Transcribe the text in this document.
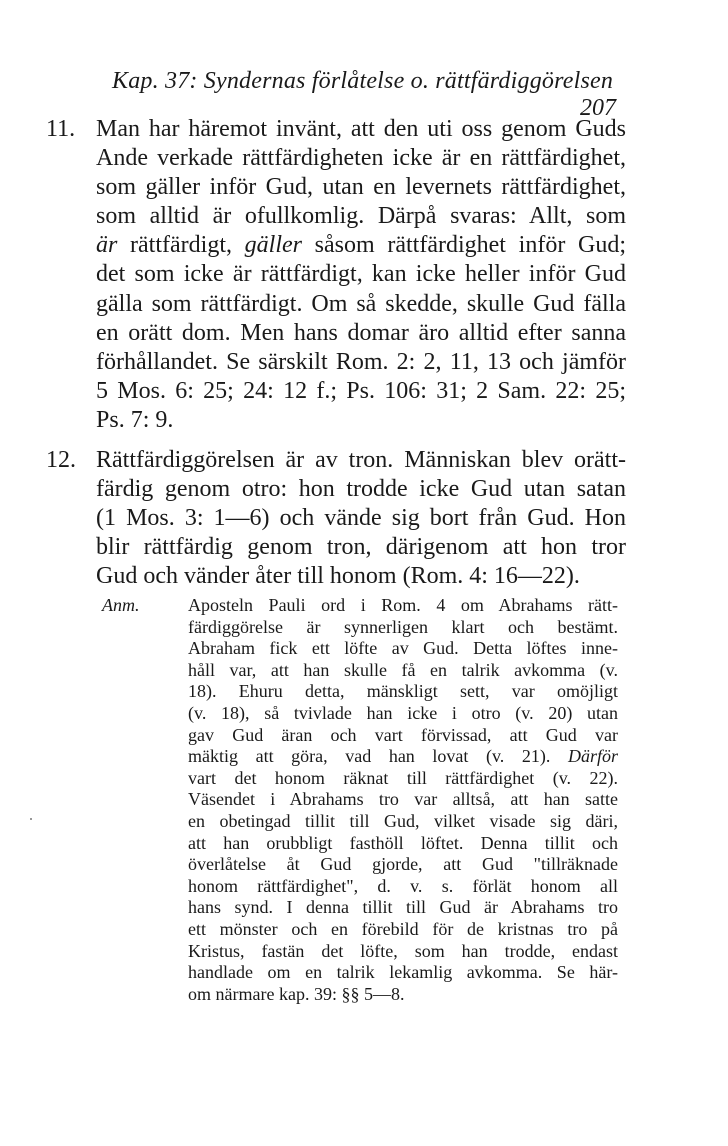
Kap. 37: Syndernas förlåtelse o. rättfärdiggörelsen
207
11. Man har häremot invänt, att den uti oss genom Guds
Ande verkade rättfärdigheten icke är en rättfärdighet,
som gäller inför Gud, utan en levernets rättfärdighet,
som alltid är ofullkomlig. Därpå svaras: Allt, som
är rättfärdigt, gäller såsom rättfärdighet inför Gud;
det som icke är rättfärdigt, kan icke heller inför Gud
gälla som rättfärdigt. Om så skedde, skulle Gud fälla
en orätt dom. Men hans domar äro alltid efter sanna
förhållandet. Se särskilt Rom. 2: 2, 11, 13 och jämför
5 Mos. 6: 25; 24: 12 f.; Ps. 106: 31; 2 Sam. 22: 25;
Ps. 7: 9.
12. Rättfärdiggörelsen är av tron. Människan blev orätt-
färdig genom otro: hon trodde icke Gud utan satan
(1 Mos. 3: 1—6) och vände sig bort från Gud. Hon
blir rättfärdig genom tron, därigenom att hon tror
Gud och vänder åter till honom (Rom. 4: 16—22).
Anm.	Aposteln Pauli ord i Rom. 4 om Abrahams rätt-
färdiggörelse är synnerligen klart och bestämt.
Abraham fick ett löfte av Gud. Detta löftes inne-
håll var, att han skulle få en talrik avkomma (v.
18). Ehuru detta, mänskligt sett, var omöjligt
(v. 18), så tvivlade han icke i otro (v. 20) utan
gav Gud äran och vart förvissad, att Gud var
mäktig att göra, vad han lovat (v. 21). Därför
vart det honom räknat till rättfärdighet (v. 22).
Väsendet i Abrahams tro var alltså, att han satte
en obetingad tillit till Gud, vilket visade sig däri,
att han orubbligt fasthöll löftet. Denna tillit och
överlåtelse åt Gud gjorde, att Gud "tillräknade
honom rättfärdighet", d. v. s. förlät honom all
hans synd. I denna tillit till Gud är Abrahams tro
ett mönster och en förebild för de kristnas tro på
Kristus, fastän det löfte, som han trodde, endast
handlade om en talrik lekamlig avkomma. Se här-
om närmare kap. 39: §§ 5—8.
